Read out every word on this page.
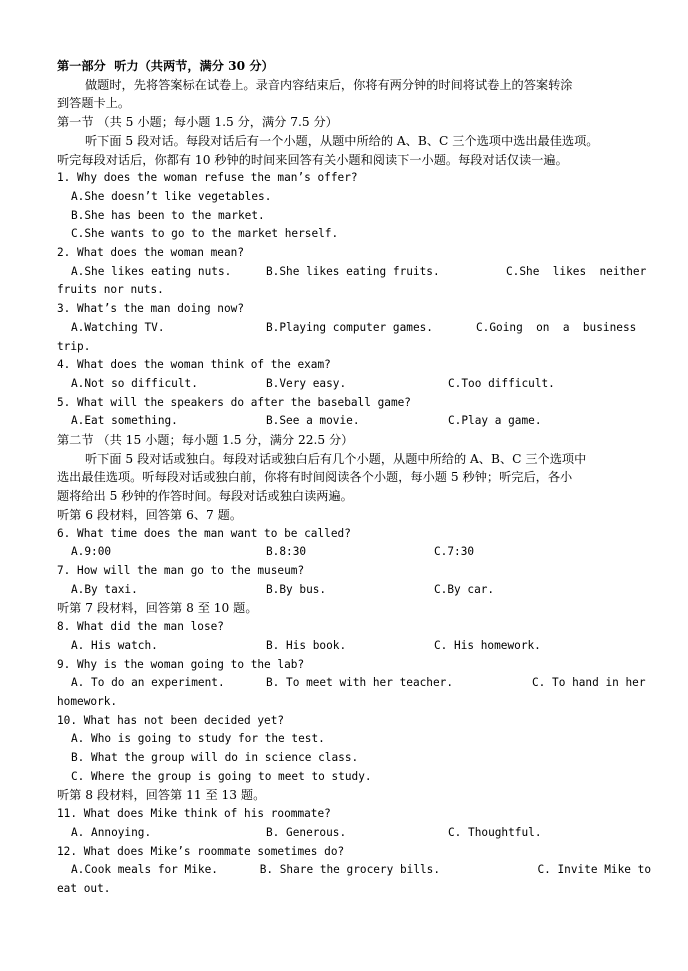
第一部分  听力（共两节，满分 30 分）
做题时，先将答案标在试卷上。录音内容结束后，你将有两分钟的时间将试卷上的答案转涂
到答题卡上。
第一节 （共 5 小题；每小题 1.5 分，满分 7.5 分）
听下面 5 段对话。每段对话后有一个小题，从题中所给的 A、B、C 三个选项中选出最佳选项。
听完每段对话后，你都有 10 秒钟的时间来回答有关小题和阅读下一小题。每段对话仅读一遍。
1. Why does the woman refuse the man’s offer?
A.She doesn’t like vegetables.
B.She has been to the market.
C.She wants to go to the market herself.
2. What does the woman mean?
A.She likes eating nuts.	B.She likes eating fruits.	C.She  likes  neither
fruits nor nuts.
3. What’s the man doing now?
A.Watching TV.	B.Playing computer games.	C.Going  on  a  business
trip.
4. What does the woman think of the exam?
A.Not so difficult.	B.Very easy.	C.Too difficult.
5. What will the speakers do after the baseball game?
A.Eat something.	B.See a movie.	C.Play a game.
第二节 （共 15 小题；每小题 1.5 分，满分 22.5 分）
听下面 5 段对话或独白。每段对话或独白后有几个小题，从题中所给的 A、B、C 三个选项中
选出最佳选项。听每段对话或独白前，你将有时间阅读各个小题，每小题 5 秒钟；听完后，各小
题将给出 5 秒钟的作答时间。每段对话或独白读两遍。
听第 6 段材料，回答第 6、7 题。
6. What time does the man want to be called?
A.9:00	B.8:30	C.7:30
7. How will the man go to the museum?
A.By taxi.	B.By bus.	C.By car.
听第 7 段材料，回答第 8 至 10 题。
8. What did the man lose?
A. His watch.	B. His book.	C. His homework.
9. Why is the woman going to the lab?
A. To do an experiment.	B. To meet with her teacher.	C. To hand in her
homework.
10. What has not been decided yet?
A. Who is going to study for the test.
B. What the group will do in science class.
C. Where the group is going to meet to study.
听第 8 段材料，回答第 11 至 13 题。
11. What does Mike think of his roommate?
A. Annoying.	B. Generous.	C. Thoughtful.
12. What does Mike’s roommate sometimes do?
A.Cook meals for Mike.	B. Share the grocery bills.	C. Invite Mike to
eat out.
